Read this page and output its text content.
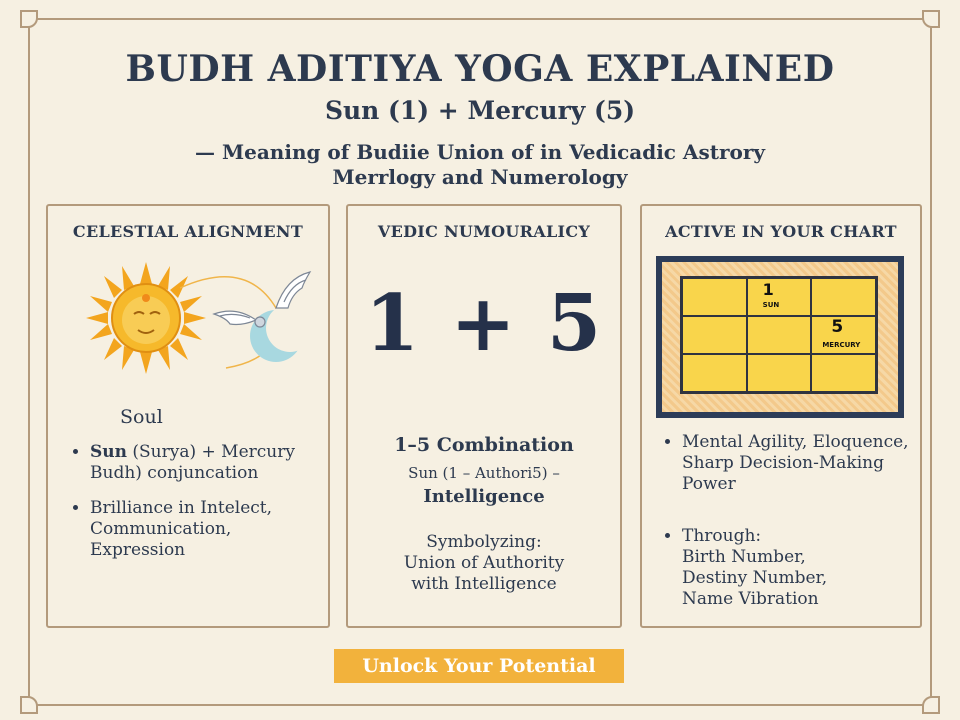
BUDH ADITIYA YOGA EXPLAINED
Sun (1) + Mercury (5)
— Meaning of Budiie Union of in Vedicadic Astrory
Merrlogy and Numerology
CELESTIAL ALIGNMENT
Soul
• Sun (Surya) + Mercury Budh) conjuncation
• Brilliance in Intelect, Communication, Expression
VEDIC NUMOURALICY
1 + 5
1–5 Combination
Sun (1 – Authori5) –
Intelligence
Symbolyzing:
Union of Authority
with Intelligence
ACTIVE IN YOUR CHART
1
SUN
5
MERCURY
• Mental Agility, Eloquence, Sharp Decision-Making Power
• Through:
Birth Number,
Destiny Number,
Name Vibration
Unlock Your Potential
